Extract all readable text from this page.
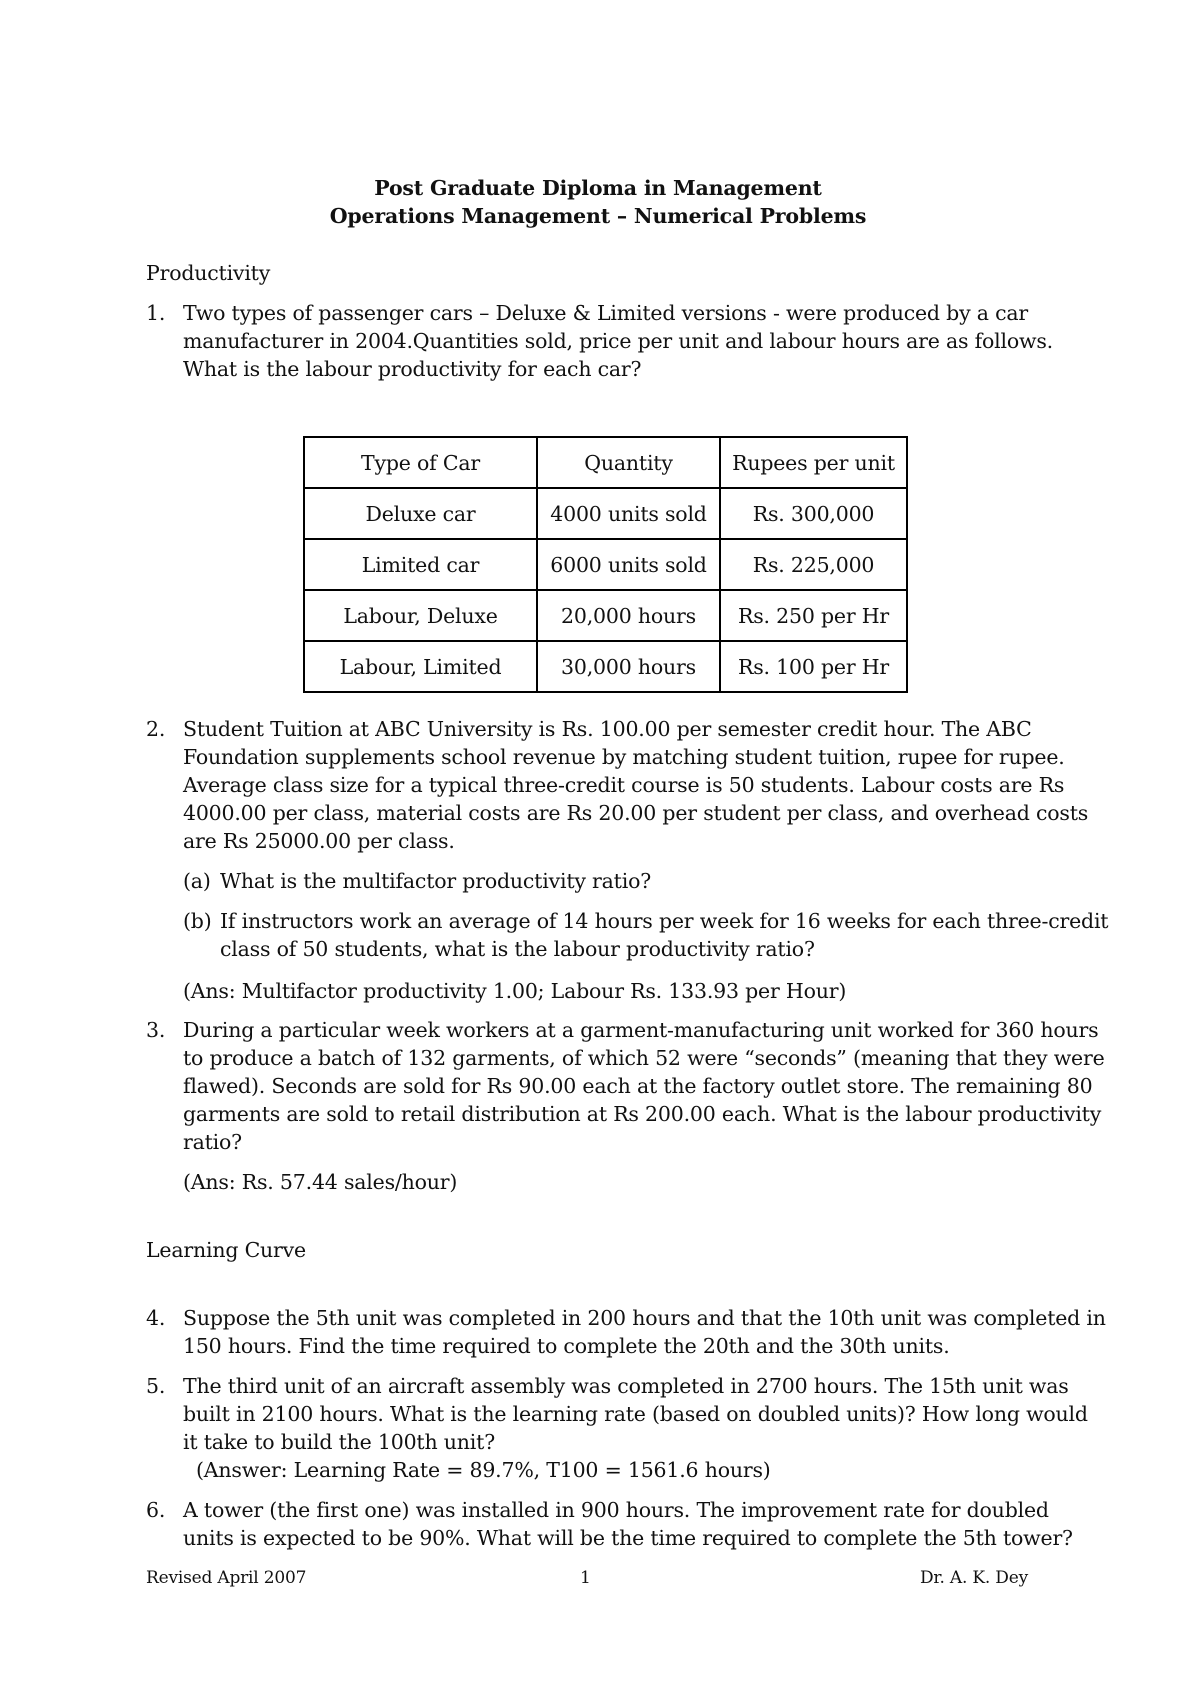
Post Graduate Diploma in Management
Operations Management – Numerical Problems
Productivity
1. Two types of passenger cars – Deluxe & Limited versions - were produced by a car
manufacturer in 2004.Quantities sold, price per unit and labour hours are as follows.
What is the labour productivity for each car?
Type of Car	Quantity	Rupees per unit
Deluxe car	4000 units sold	Rs. 300,000
Limited car	6000 units sold	Rs. 225,000
Labour, Deluxe	20,000 hours	Rs. 250 per Hr
Labour, Limited	30,000 hours	Rs. 100 per Hr
2. Student Tuition at ABC University is Rs. 100.00 per semester credit hour. The ABC
Foundation supplements school revenue by matching student tuition, rupee for rupee.
Average class size for a typical three-credit course is 50 students. Labour costs are Rs
4000.00 per class, material costs are Rs 20.00 per student per class, and overhead costs
are Rs 25000.00 per class.
(a) What is the multifactor productivity ratio?
(b) If instructors work an average of 14 hours per week for 16 weeks for each three-credit
class of 50 students, what is the labour productivity ratio?
(Ans: Multifactor productivity 1.00; Labour Rs. 133.93 per Hour)
3. During a particular week workers at a garment-manufacturing unit worked for 360 hours
to produce a batch of 132 garments, of which 52 were “seconds” (meaning that they were
flawed). Seconds are sold for Rs 90.00 each at the factory outlet store. The remaining 80
garments are sold to retail distribution at Rs 200.00 each. What is the labour productivity
ratio?
(Ans: Rs. 57.44 sales/hour)
Learning Curve
4. Suppose the 5th unit was completed in 200 hours and that the 10th unit was completed in
150 hours. Find the time required to complete the 20th and the 30th units.
5. The third unit of an aircraft assembly was completed in 2700 hours. The 15th unit was
built in 2100 hours. What is the learning rate (based on doubled units)? How long would
it take to build the 100th unit?
(Answer: Learning Rate = 89.7%, T100 = 1561.6 hours)
6. A tower (the first one) was installed in 900 hours. The improvement rate for doubled
units is expected to be 90%. What will be the time required to complete the 5th tower?
Revised April 2007	1	Dr. A. K. Dey
